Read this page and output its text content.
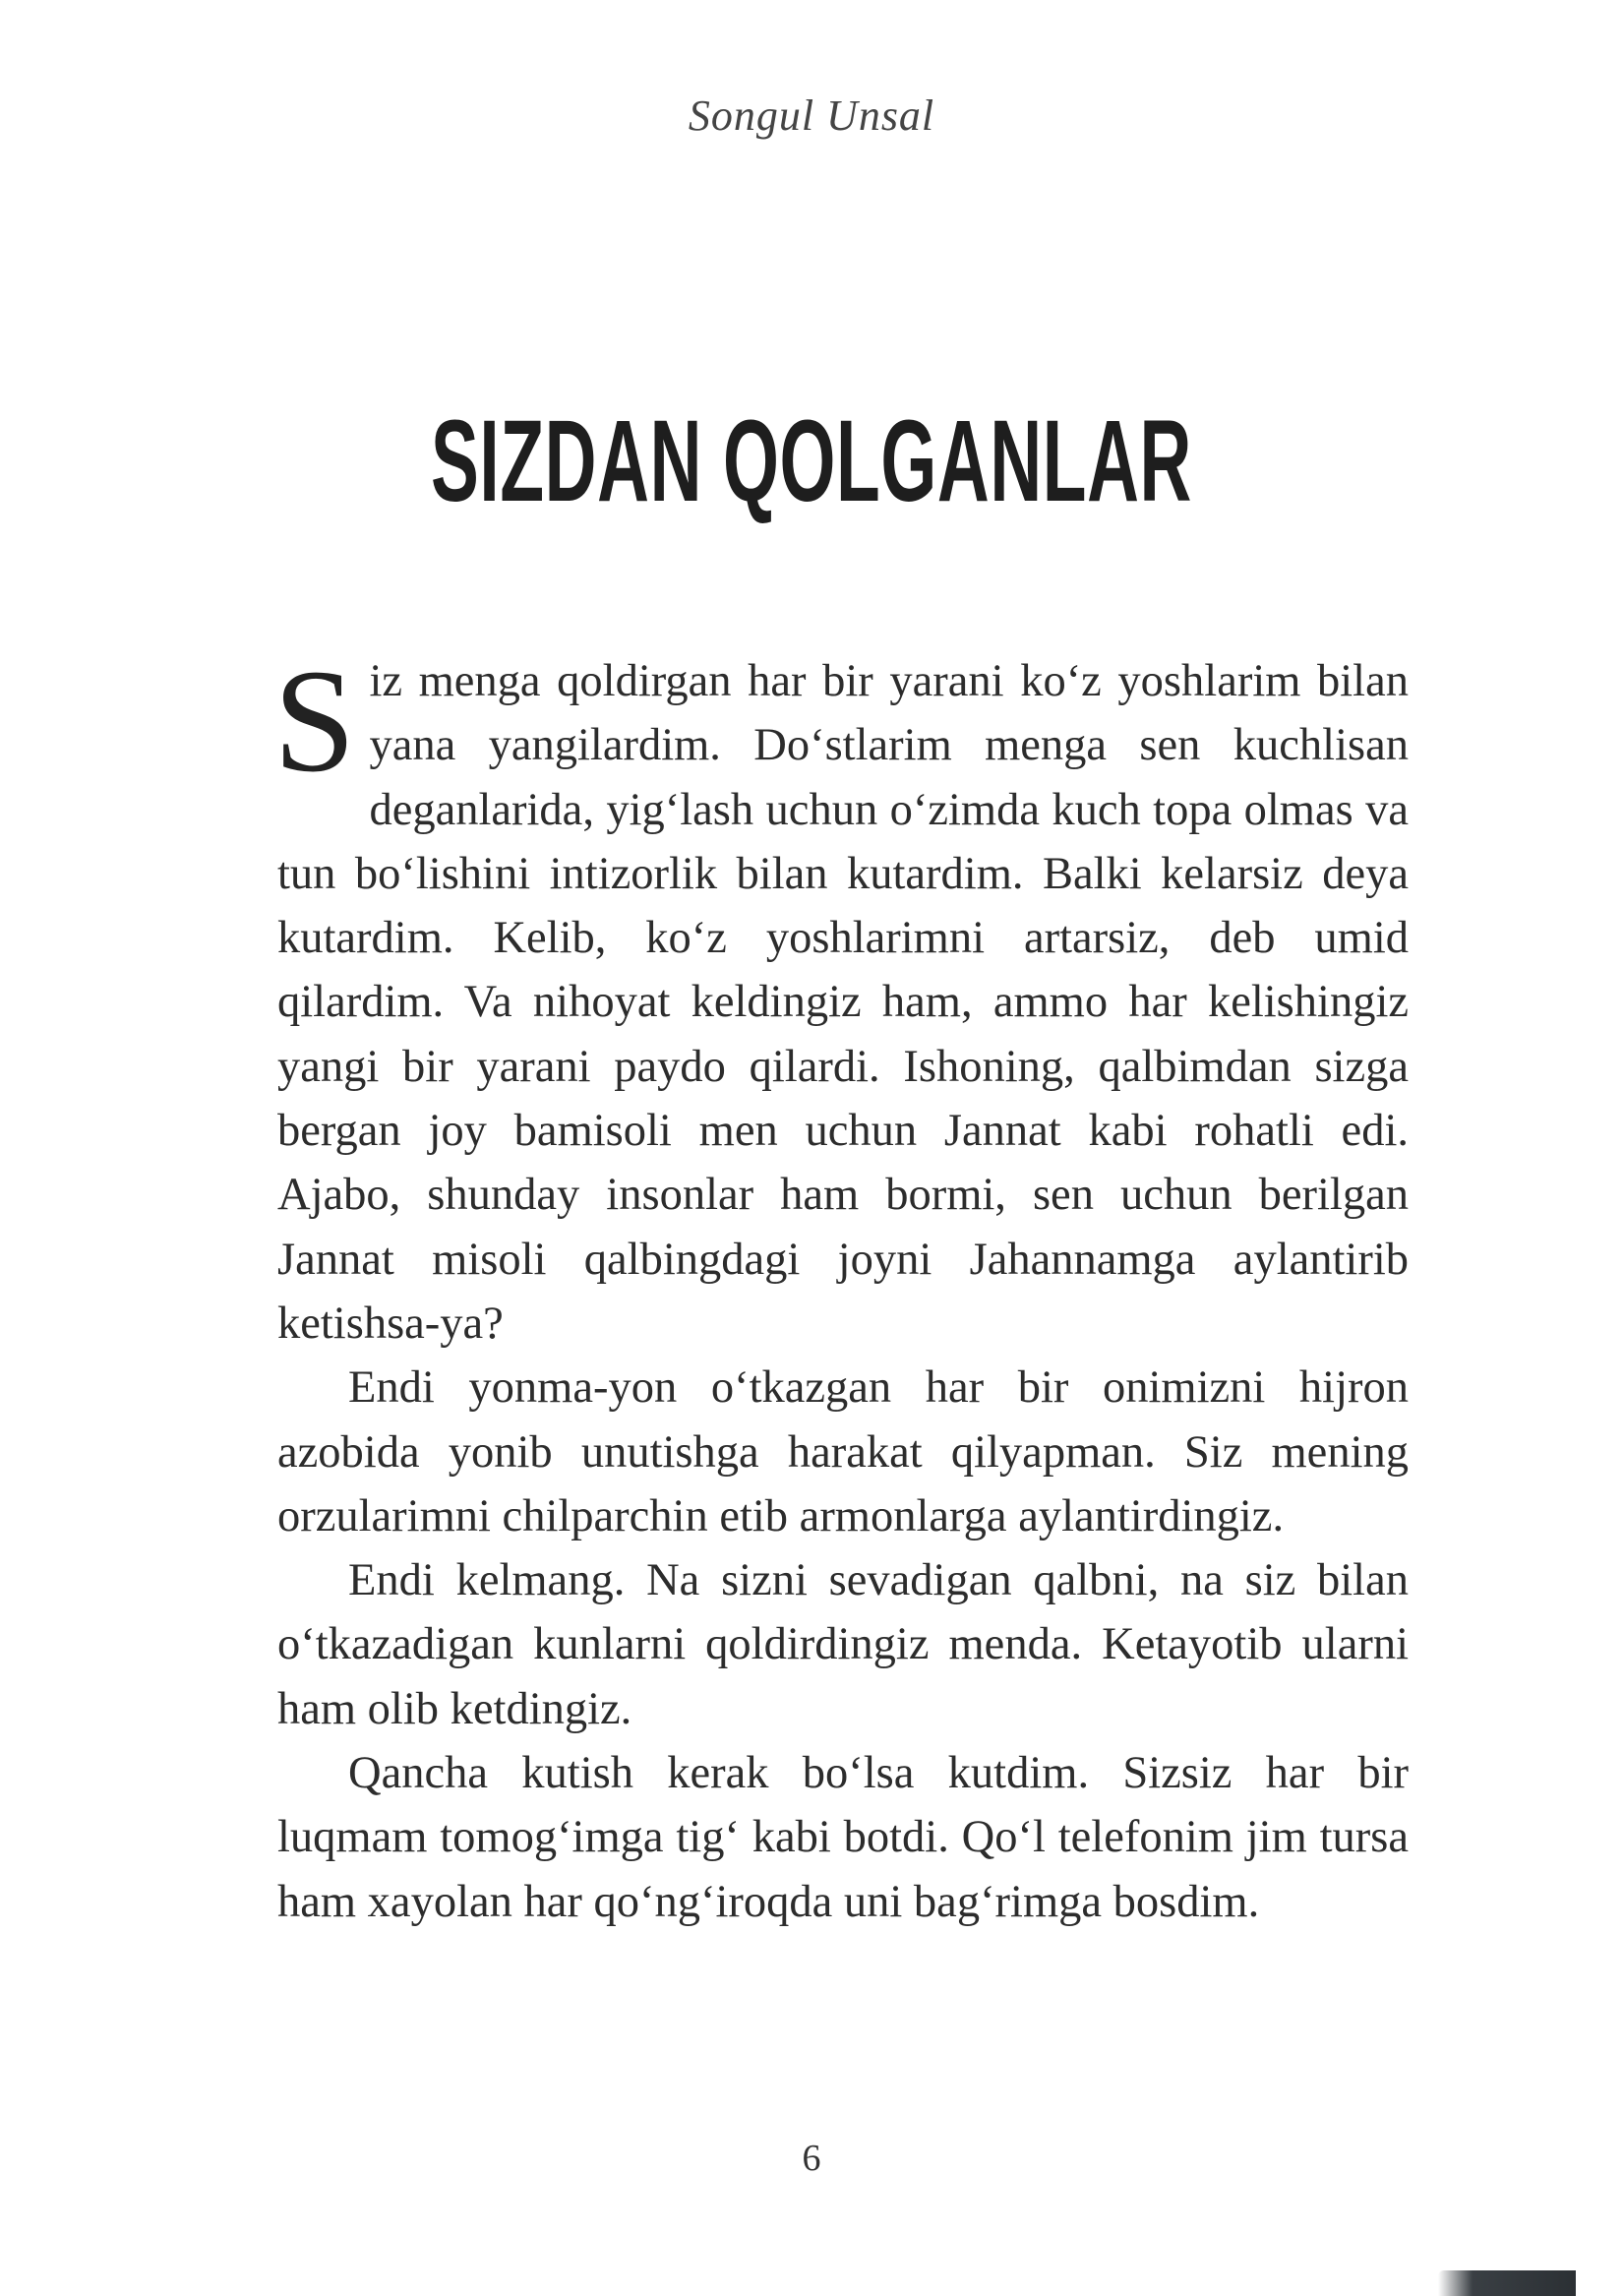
Songul Unsal
SIZDAN QOLGANLAR

Siz menga qoldirgan har bir yarani ko‘z yoshlarim bilan yana yangilardim. Do‘stlarim menga sen kuchlisan deganlarida, yig‘lash uchun o‘zimda kuch topa olmas va tun bo‘lishini intizorlik bilan kutardim. Balki kelarsiz deya kutardim. Kelib, ko‘z yoshlarimni artarsiz, deb umid qilardim. Va nihoyat keldingiz ham, ammo har kelishingiz yangi bir yarani paydo qilardi. Ishoning, qalbimdan sizga bergan joy bamisoli men uchun Jannat kabi rohatli edi. Ajabo, shunday insonlar ham bormi, sen uchun berilgan Jannat misoli qalbingdagi joyni Jahannamga aylantirib ketishsa-ya?

Endi yonma-yon o‘tkazgan har bir onimizni hijron azobida yonib unutishga harakat qilyapman. Siz mening orzularimni chilparchin etib armonlarga aylantirdingiz.

Endi kelmang. Na sizni sevadigan qalbni, na siz bilan o‘tkazadigan kunlarni qoldirdingiz menda. Ketayotib ularni ham olib ketdingiz.

Qancha kutish kerak bo‘lsa kutdim. Sizsiz har bir luqmam tomog‘imga tig‘ kabi botdi. Qo‘l telefonim jim tursa ham xayolan har qo‘ng‘iroqda uni bag‘rimga bosdim.

6
